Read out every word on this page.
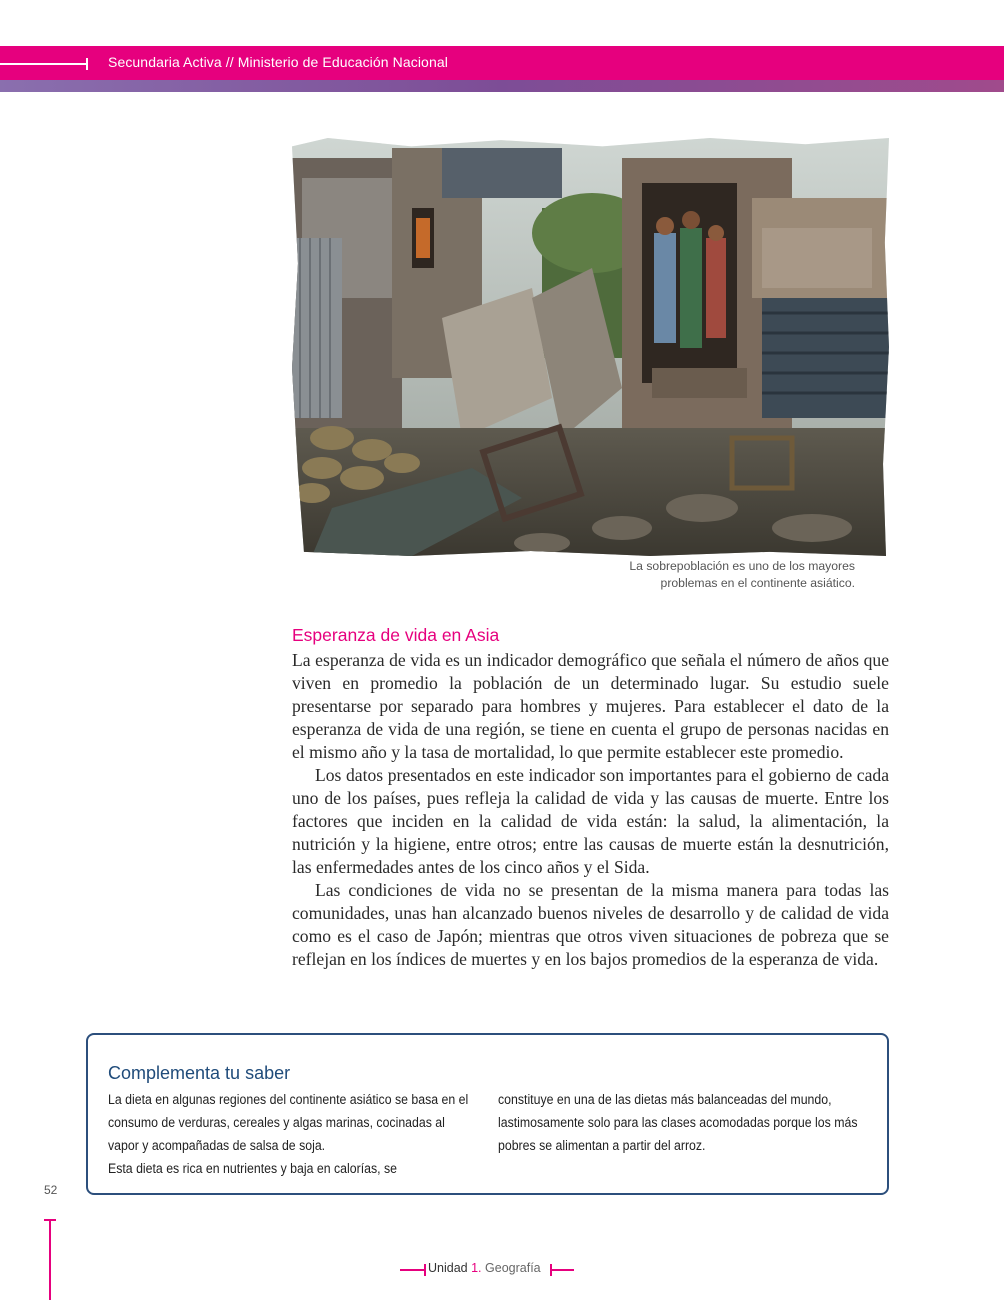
Secundaria Activa // Ministerio de Educación Nacional
La sobrepoblación es uno de los mayores
problemas en el continente asiático.
Esperanza de vida en Asia

La esperanza de vida es un indicador demográfico que señala el número de años que viven en promedio la población de un determinado lugar. Su estudio suele presentarse por separado para hombres y mujeres. Para establecer el dato de la esperanza de vida de una región, se tiene en cuenta el grupo de personas nacidas en el mismo año y la tasa de mortalidad, lo que permite establecer este promedio.

Los datos presentados en este indicador son importantes para el gobierno de cada uno de los países, pues refleja la calidad de vida y las causas de muerte. Entre los factores que inciden en la calidad de vida están: la salud, la alimentación, la nutrición y la higiene, entre otros; entre las causas de muerte están la desnutrición, las enfermedades antes de los cinco años y el Sida.

Las condiciones de vida no se presentan de la misma manera para todas las comunidades, unas han alcanzado buenos niveles de desarrollo y de calidad de vida como es el caso de Japón; mientras que otros viven situaciones de pobreza que se reflejan en los índices de muertes y en los bajos promedios de la esperanza de vida.

Complementa tu saber

La dieta en algunas regiones del continente asiático se basa en el consumo de verduras, cereales y algas marinas, cocinadas al vapor y acompañadas de salsa de soja.

Esta dieta es rica en nutrientes y baja en calorías, se

constituye en una de las dietas más balanceadas del mundo, lastimosamente solo para las clases acomodadas porque los más pobres se alimentan a partir del arroz.

52
Unidad 1. Geografía
